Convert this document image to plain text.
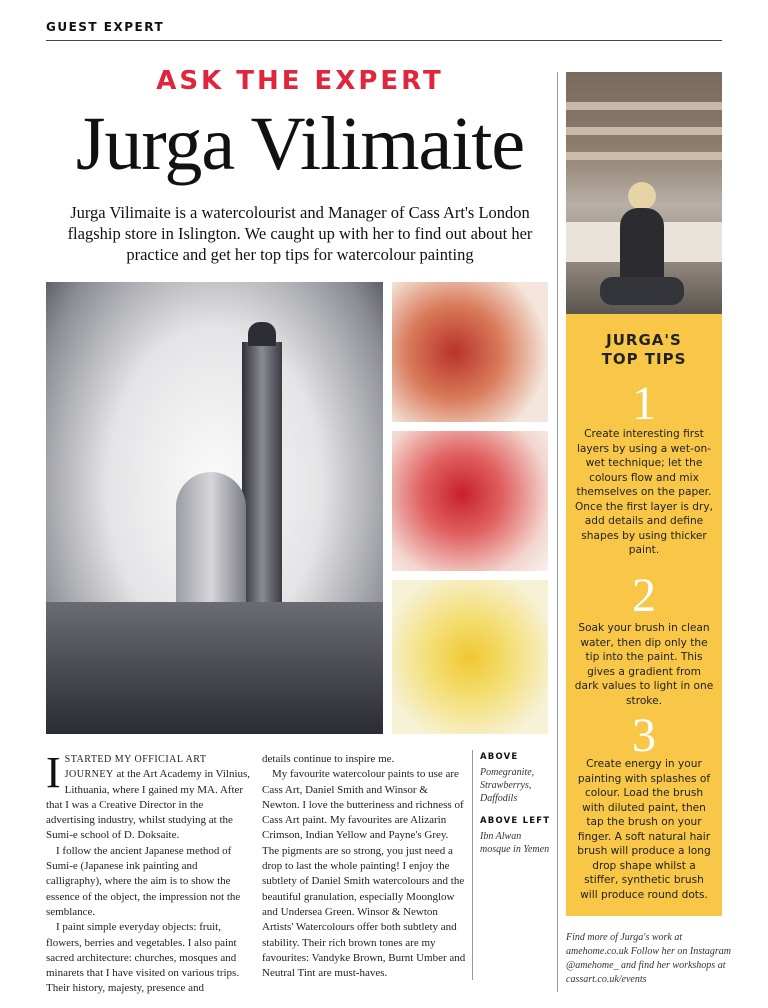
GUEST EXPERT
ASK THE EXPERT
Jurga Vilimaite
Jurga Vilimaite is a watercolourist and Manager of Cass Art's London flagship store in Islington. We caught up with her to find out about her practice and get her top tips for watercolour painting
JURGA'S
TOP TIPS
1
Create interesting first layers by using a wet-on-wet technique; let the colours flow and mix themselves on the paper. Once the first layer is dry, add details and define shapes by using thicker paint.
2
Soak your brush in clean water, then dip only the tip into the paint. This gives a gradient from dark values to light in one stroke.
3
Create energy in your painting with splashes of colour. Load the brush with diluted paint, then tap the brush on your finger. A soft natural hair brush will produce a long drop shape whilst a stiffer, synthetic brush will produce round dots.
Find more of Jurga's work at amehome.co.uk Follow her on Instagram @amehome_ and find her workshops at cassart.co.uk/events

ISTARTED MY OFFICIAL ART JOURNEY at the Art Academy in Vilnius, Lithuania, where I gained my MA. After that I was a Creative Director in the advertising industry, whilst studying at the Sumi-e school of D. Doksaite.

I follow the ancient Japanese method of Sumi-e (Japanese ink painting and calligraphy), where the aim is to show the essence of the object, the impression not the semblance.

I paint simple everyday objects: fruit, flowers, berries and vegetables. I also paint sacred architecture: churches, mosques and minarets that I have visited on various trips. Their history, majesty, presence and

details continue to inspire me.

My favourite watercolour paints to use are Cass Art, Daniel Smith and Winsor & Newton. I love the butteriness and richness of Cass Art paint. My favourites are Alizarin Crimson, Indian Yellow and Payne's Grey. The pigments are so strong, you just need a drop to last the whole painting! I enjoy the subtlety of Daniel Smith watercolours and the beautiful granulation, especially Moonglow and Undersea Green. Winsor & Newton Artists' Watercolours offer both subtlety and stability. Their rich brown tones are my favourites: Vandyke Brown, Burnt Umber and Neutral Tint are must-haves.

ABOVE
Pomegranite, Strawberrys, Daffodils
ABOVE LEFT
Ibn Alwan mosque in Yemen
